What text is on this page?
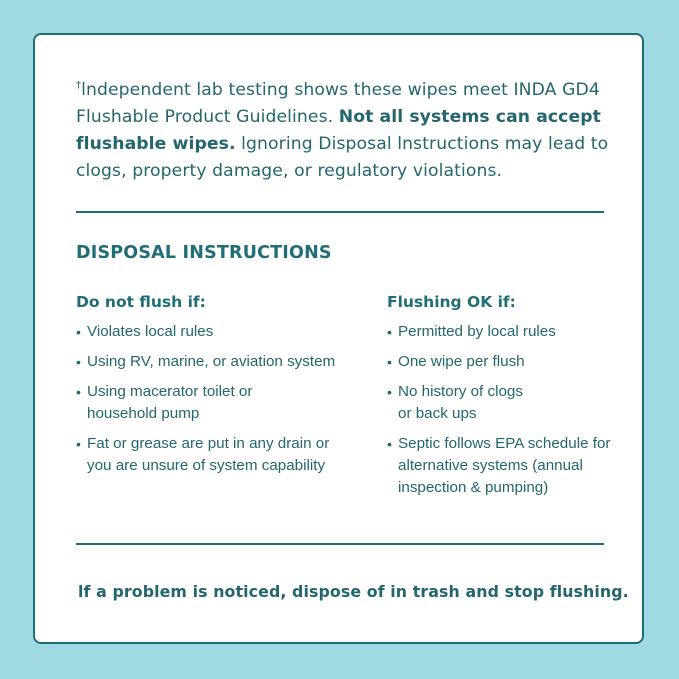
†lndependent lab testing shows these wipes meet INDA GD4 Flushable Product Guidelines. Not all systems can accept flushable wipes. lgnoring Disposal lnstructions may lead to clogs, property damage, or regulatory violations.
DISPOSAL INSTRUCTIONS
Do not flush if:
• Violates local rules
• Using RV, marine, or aviation system
• Using macerator toilet or household pump
• Fat or grease are put in any drain or you are unsure of system capability
Flushing OK if:
• Permitted by local rules
• One wipe per flush
• No history of clogs or back ups
• Septic follows EPA schedule for alternative systems (annual inspection & pumping)
lf a problem is noticed, dispose of in trash and stop flushing.
